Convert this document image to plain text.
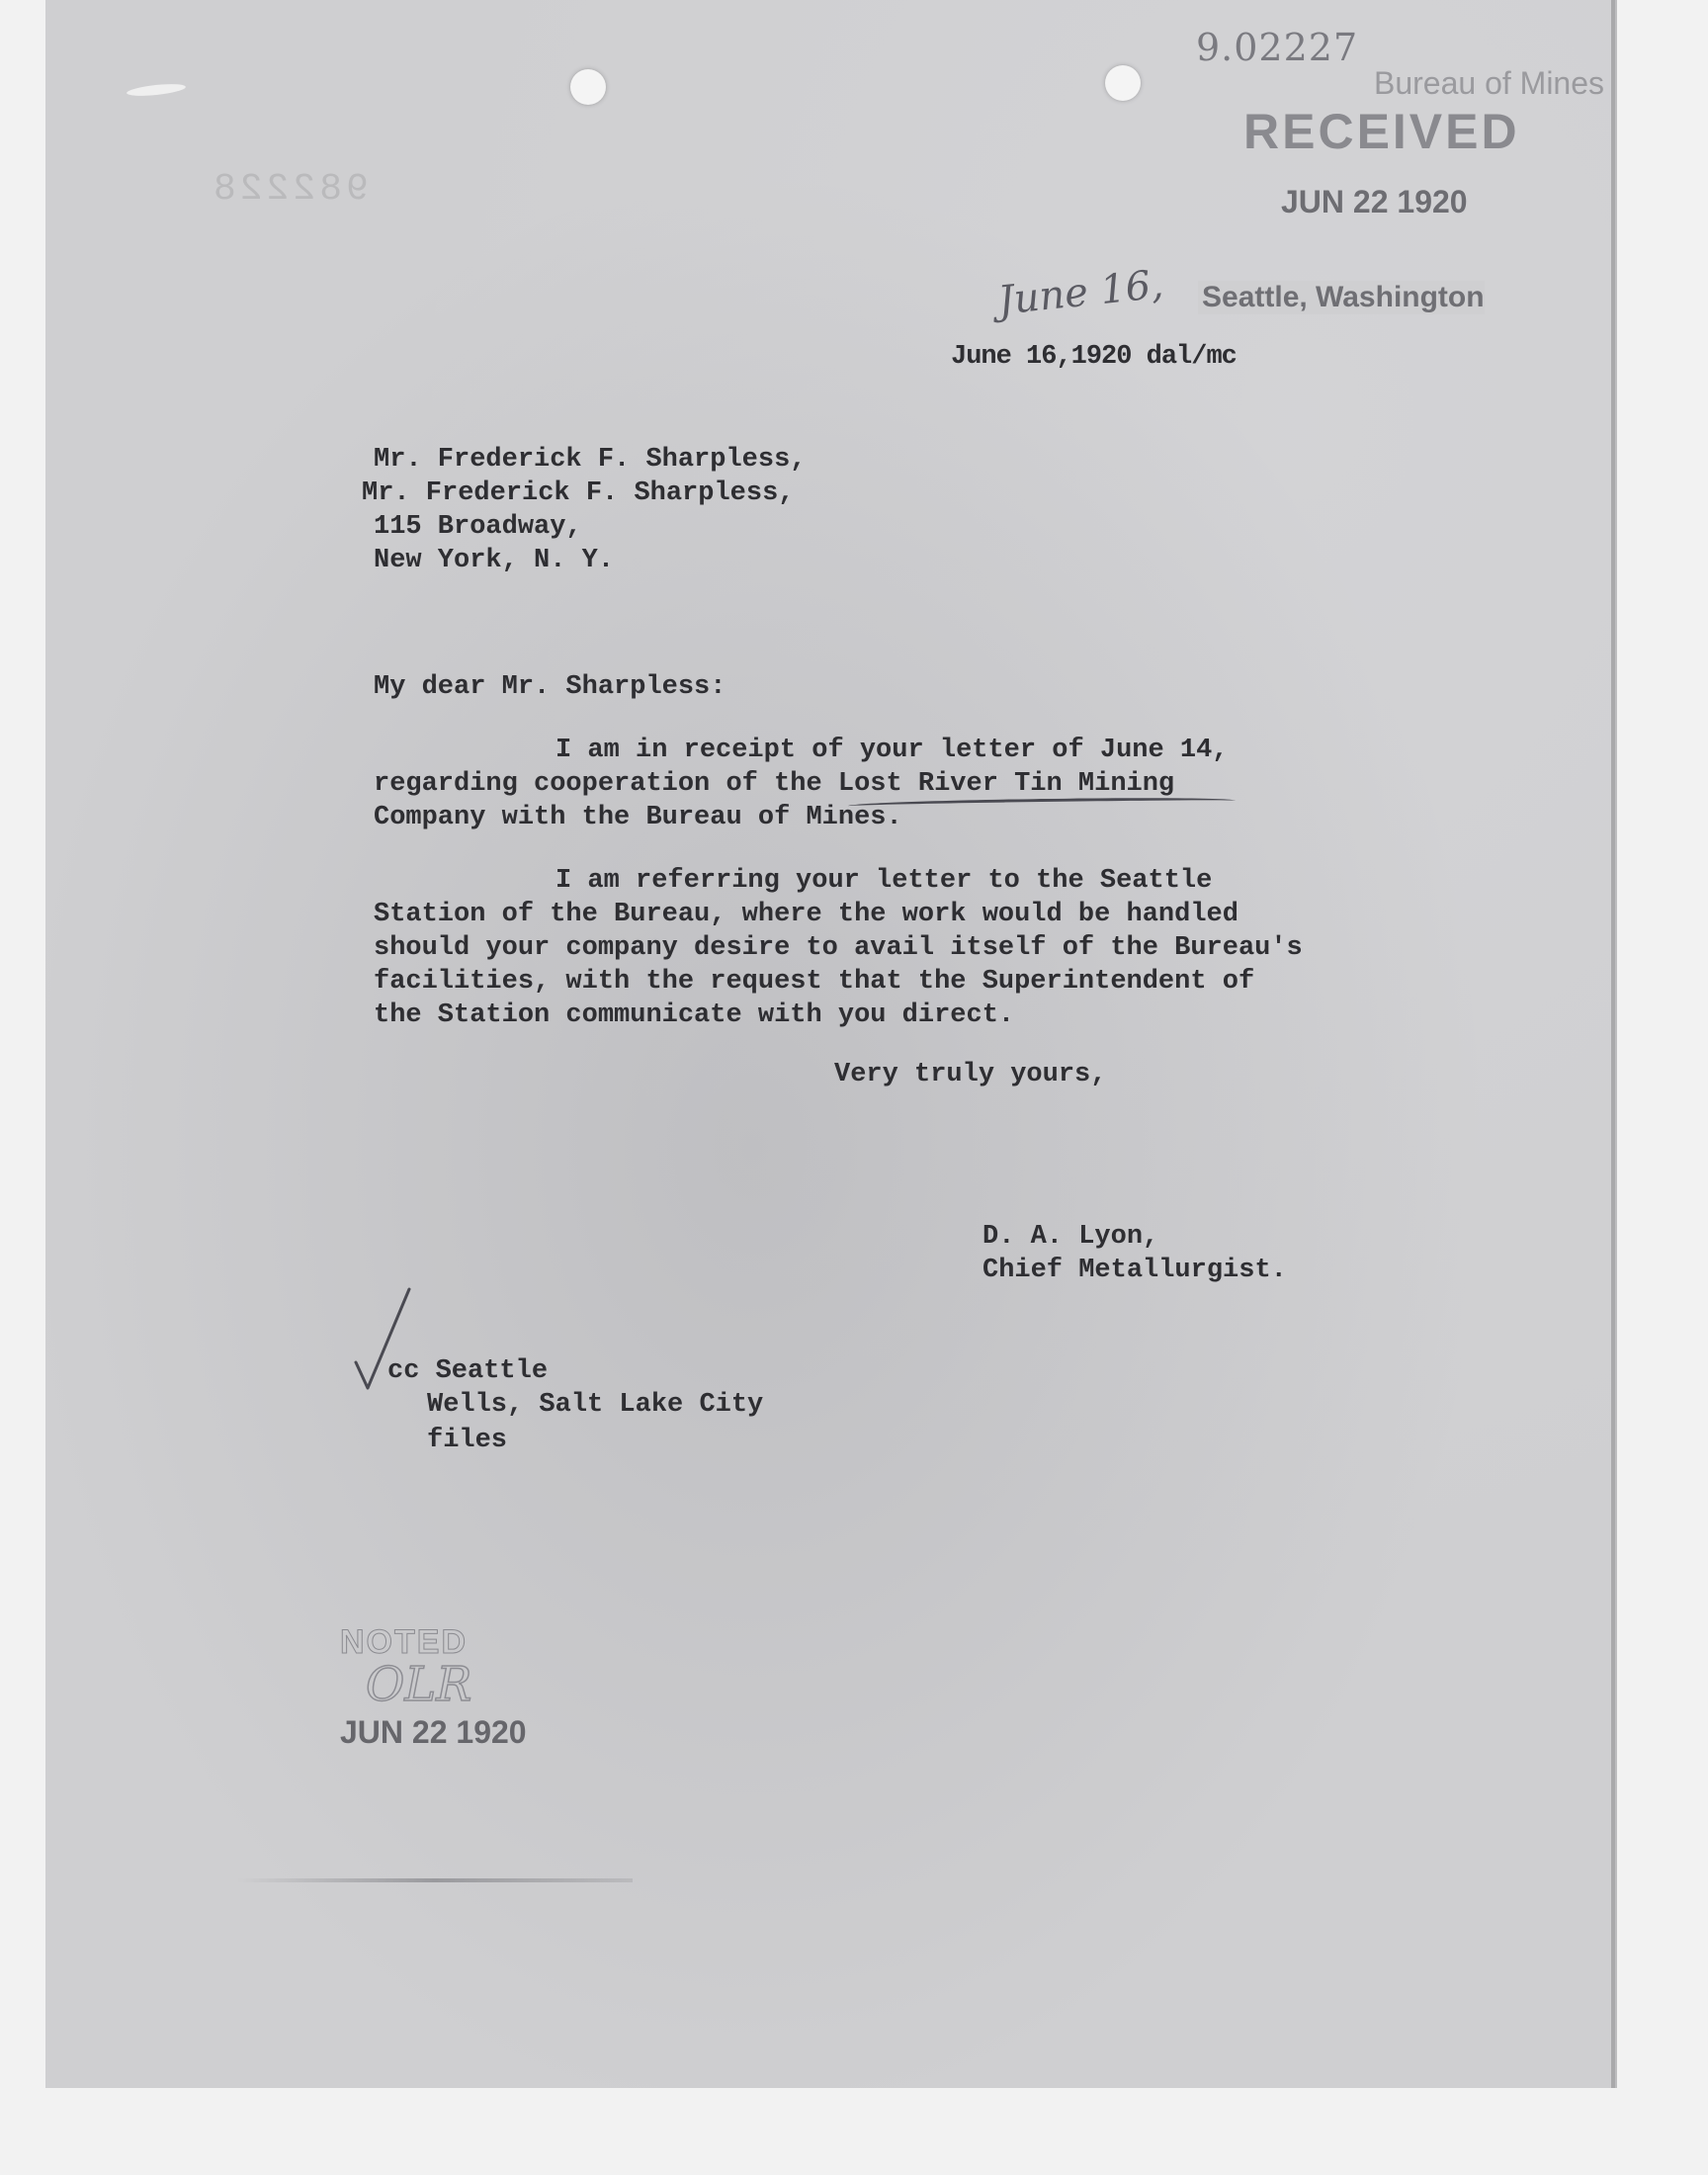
982228
9.02227
Bureau of Mines
RECEIVED
JUN 22 1920
June 16, Seattle, Washington
June 16,1920 dal/mc
Mr. Frederick F. Sharpless,
Mr. Frederick F. Sharpless,
115 Broadway,
New York, N. Y.
My dear Mr. Sharpless:
I am in receipt of your letter of June 14,
regarding cooperation of the Lost River Tin Mining
Company with the Bureau of Mines.
I am referring your letter to the Seattle
Station of the Bureau, where the work would be handled
should your company desire to avail itself of the Bureau's
facilities, with the request that the Superintendent of
the Station communicate with you direct.
Very truly yours,
D. A. Lyon,
Chief Metallurgist.
cc Seattle
Wells, Salt Lake City
files
NOTED
OLR
JUN 22 1920
